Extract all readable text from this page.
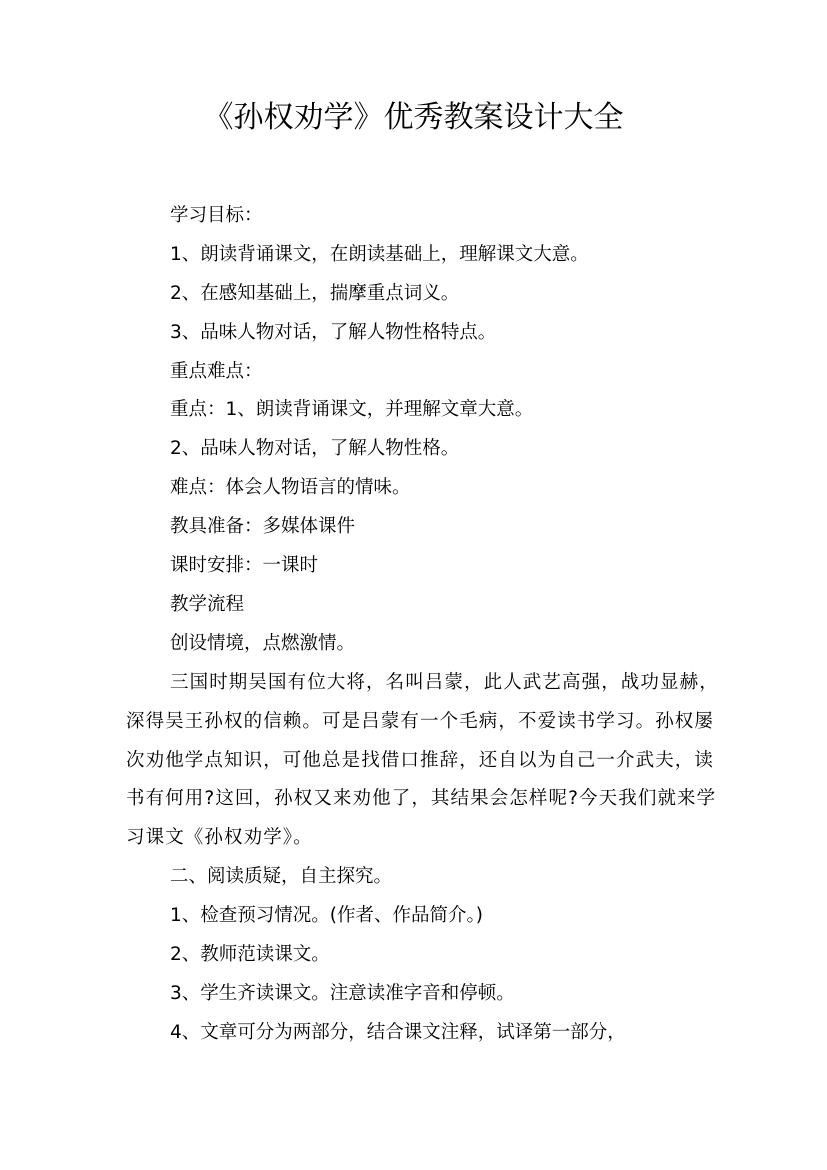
《孙权劝学》优秀教案设计大全
学习目标：
1、朗读背诵课文，在朗读基础上，理解课文大意。
2、在感知基础上，揣摩重点词义。
3、品味人物对话，了解人物性格特点。
重点难点：
重点：1、朗读背诵课文，并理解文章大意。
2、品味人物对话，了解人物性格。
难点：体会人物语言的情味。
教具准备：多媒体课件
课时安排：一课时
教学流程
创设情境，点燃激情。

三国时期吴国有位大将，名叫吕蒙，此人武艺高强，战功显赫，深得吴王孙权的信赖。可是吕蒙有一个毛病，不爱读书学习。孙权屡次劝他学点知识，可他总是找借口推辞，还自以为自己一介武夫，读书有何用?这回，孙权又来劝他了，其结果会怎样呢?今天我们就来学习课文《孙权劝学》。

二、阅读质疑，自主探究。
1、检查预习情况。(作者、作品简介。)
2、教师范读课文。
3、学生齐读课文。注意读准字音和停顿。
4、文章可分为两部分，结合课文注释，试译第一部分，
